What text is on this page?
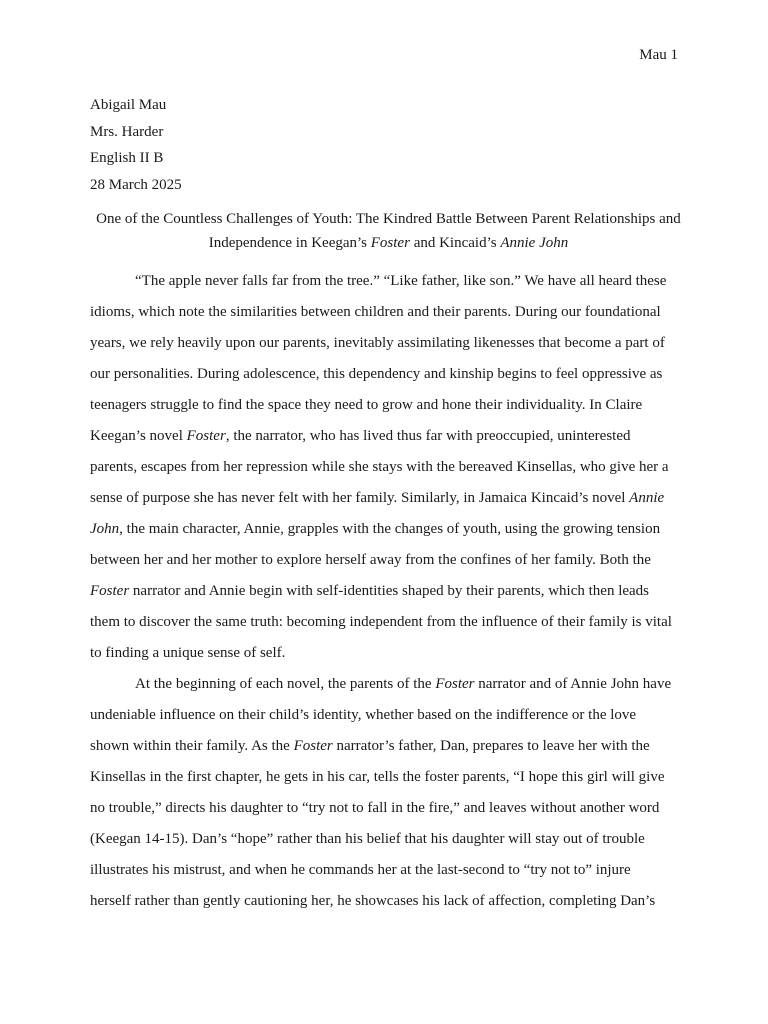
Mau 1
Abigail Mau
Mrs. Harder
English II B
28 March 2025
One of the Countless Challenges of Youth: The Kindred Battle Between Parent Relationships and
Independence in Keegan’s Foster and Kincaid’s Annie John
“The apple never falls far from the tree.” “Like father, like son.” We have all heard these
idioms, which note the similarities between children and their parents. During our foundational
years, we rely heavily upon our parents, inevitably assimilating likenesses that become a part of
our personalities. During adolescence, this dependency and kinship begins to feel oppressive as
teenagers struggle to find the space they need to grow and hone their individuality. In Claire
Keegan’s novel Foster, the narrator, who has lived thus far with preoccupied, uninterested
parents, escapes from her repression while she stays with the bereaved Kinsellas, who give her a
sense of purpose she has never felt with her family. Similarly, in Jamaica Kincaid’s novel Annie
John, the main character, Annie, grapples with the changes of youth, using the growing tension
between her and her mother to explore herself away from the confines of her family. Both the
Foster narrator and Annie begin with self-identities shaped by their parents, which then leads
them to discover the same truth: becoming independent from the influence of their family is vital
to finding a unique sense of self.
At the beginning of each novel, the parents of the Foster narrator and of Annie John have
undeniable influence on their child’s identity, whether based on the indifference or the love
shown within their family. As the Foster narrator’s father, Dan, prepares to leave her with the
Kinsellas in the first chapter, he gets in his car, tells the foster parents, “I hope this girl will give
no trouble,” directs his daughter to “try not to fall in the fire,” and leaves without another word
(Keegan 14-15). Dan’s “hope” rather than his belief that his daughter will stay out of trouble
illustrates his mistrust, and when he commands her at the last-second to “try not to” injure
herself rather than gently cautioning her, he showcases his lack of affection, completing Dan’s
